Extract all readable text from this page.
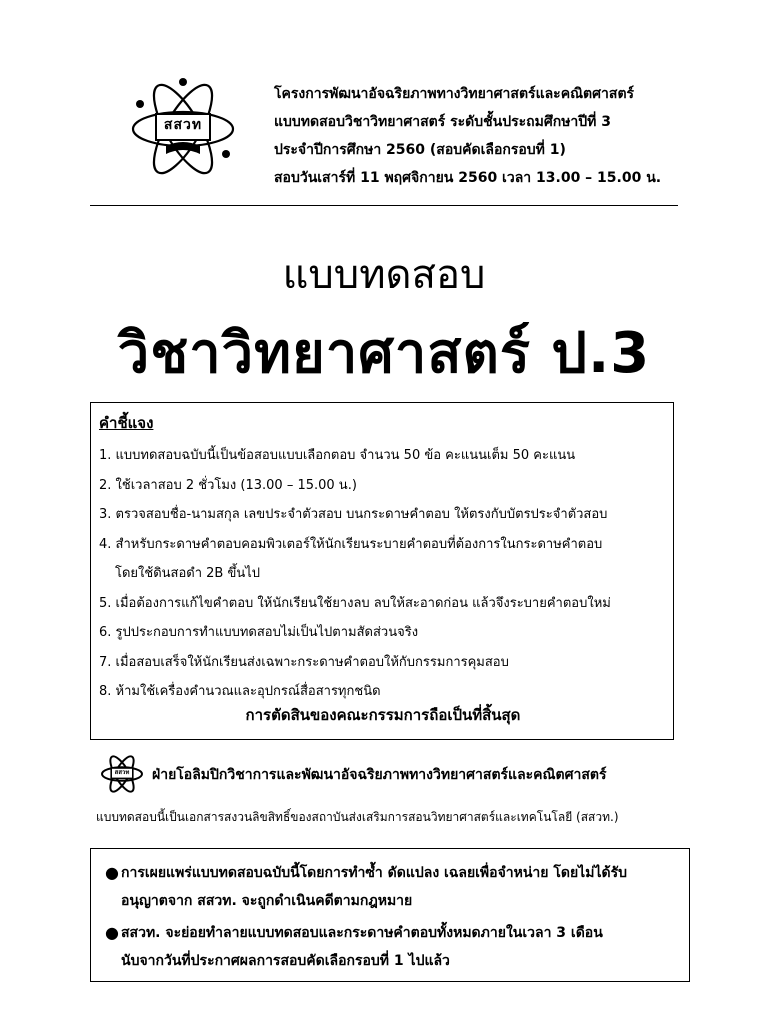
สสวท
โครงการพัฒนาอัจฉริยภาพทางวิทยาศาสตร์และคณิตศาสตร์
แบบทดสอบวิชาวิทยาศาสตร์ ระดับชั้นประถมศึกษาปีที่ 3
ประจำปีการศึกษา 2560 (สอบคัดเลือกรอบที่ 1)
สอบวันเสาร์ที่ 11 พฤศจิกายน 2560 เวลา 13.00 – 15.00 น.
แบบทดสอบ
วิชาวิทยาศาสตร์ ป.3
คำชี้แจง
1. แบบทดสอบฉบับนี้เป็นข้อสอบแบบเลือกตอบ จำนวน 50 ข้อ คะแนนเต็ม 50 คะแนน
2. ใช้เวลาสอบ 2 ชั่วโมง (13.00 – 15.00 น.)
3. ตรวจสอบชื่อ-นามสกุล เลขประจำตัวสอบ บนกระดาษคำตอบ ให้ตรงกับบัตรประจำตัวสอบ
4. สำหรับกระดาษคำตอบคอมพิวเตอร์ให้นักเรียนระบายคำตอบที่ต้องการในกระดาษคำตอบ
โดยใช้ดินสอดำ 2B ขึ้นไป
5. เมื่อต้องการแก้ไขคำตอบ ให้นักเรียนใช้ยางลบ ลบให้สะอาดก่อน แล้วจึงระบายคำตอบใหม่
6. รูปประกอบการทำแบบทดสอบไม่เป็นไปตามสัดส่วนจริง
7. เมื่อสอบเสร็จให้นักเรียนส่งเฉพาะกระดาษคำตอบให้กับกรรมการคุมสอบ
8. ห้ามใช้เครื่องคำนวณและอุปกรณ์สื่อสารทุกชนิด
การตัดสินของคณะกรรมการถือเป็นที่สิ้นสุด
สสวท	ฝ่ายโอลิมปิกวิชาการและพัฒนาอัจฉริยภาพทางวิทยาศาสตร์และคณิตศาสตร์
แบบทดสอบนี้เป็นเอกสารสงวนลิขสิทธิ์ของสถาบันส่งเสริมการสอนวิทยาศาสตร์และเทคโนโลยี (สสวท.)
● การเผยแพร่แบบทดสอบฉบับนี้โดยการทำซ้ำ ดัดแปลง เฉลยเพื่อจำหน่าย โดยไม่ได้รับ
อนุญาตจาก สสวท. จะถูกดำเนินคดีตามกฎหมาย
● สสวท. จะย่อยทำลายแบบทดสอบและกระดาษคำตอบทั้งหมดภายในเวลา 3 เดือน
นับจากวันที่ประกาศผลการสอบคัดเลือกรอบที่ 1 ไปแล้ว
